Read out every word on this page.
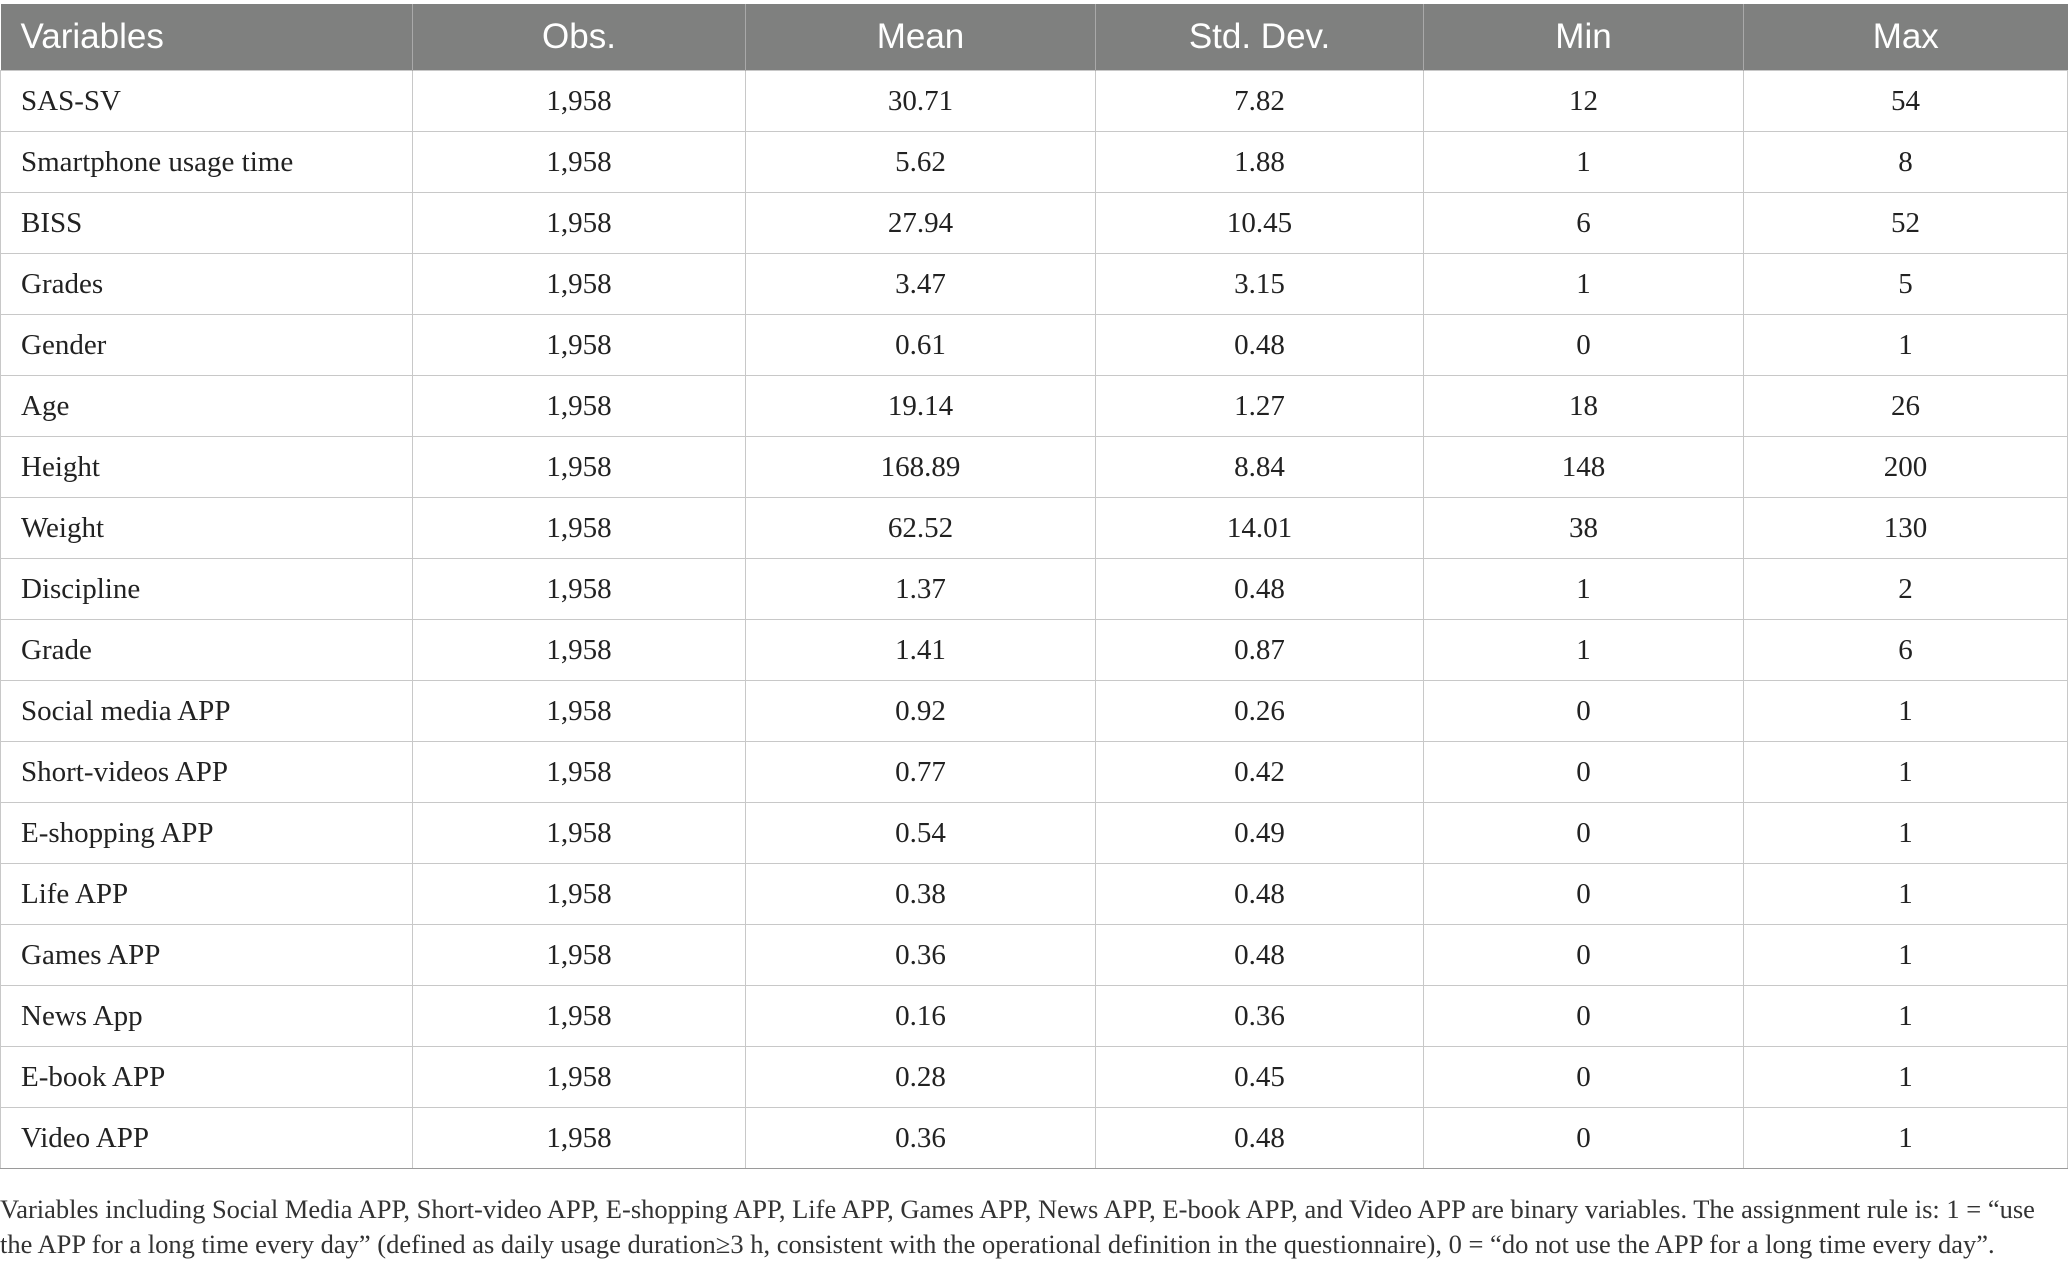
Variables	Obs.	Mean	Std. Dev.	Min	Max
SAS-SV	1,958	30.71	7.82	12	54
Smartphone usage time	1,958	5.62	1.88	1	8
BISS	1,958	27.94	10.45	6	52
Grades	1,958	3.47	3.15	1	5
Gender	1,958	0.61	0.48	0	1
Age	1,958	19.14	1.27	18	26
Height	1,958	168.89	8.84	148	200
Weight	1,958	62.52	14.01	38	130
Discipline	1,958	1.37	0.48	1	2
Grade	1,958	1.41	0.87	1	6
Social media APP	1,958	0.92	0.26	0	1
Short-videos APP	1,958	0.77	0.42	0	1
E-shopping APP	1,958	0.54	0.49	0	1
Life APP	1,958	0.38	0.48	0	1
Games APP	1,958	0.36	0.48	0	1
News App	1,958	0.16	0.36	0	1
E-book APP	1,958	0.28	0.45	0	1
Video APP	1,958	0.36	0.48	0	1
Variables including Social Media APP, Short-video APP, E-shopping APP, Life APP, Games APP, News APP, E-book APP, and Video APP are binary variables. The assignment rule is: 1 = “use the APP for a long time every day” (defined as daily usage duration≥3 h, consistent with the operational definition in the questionnaire), 0 = “do not use the APP for a long time every day”.
